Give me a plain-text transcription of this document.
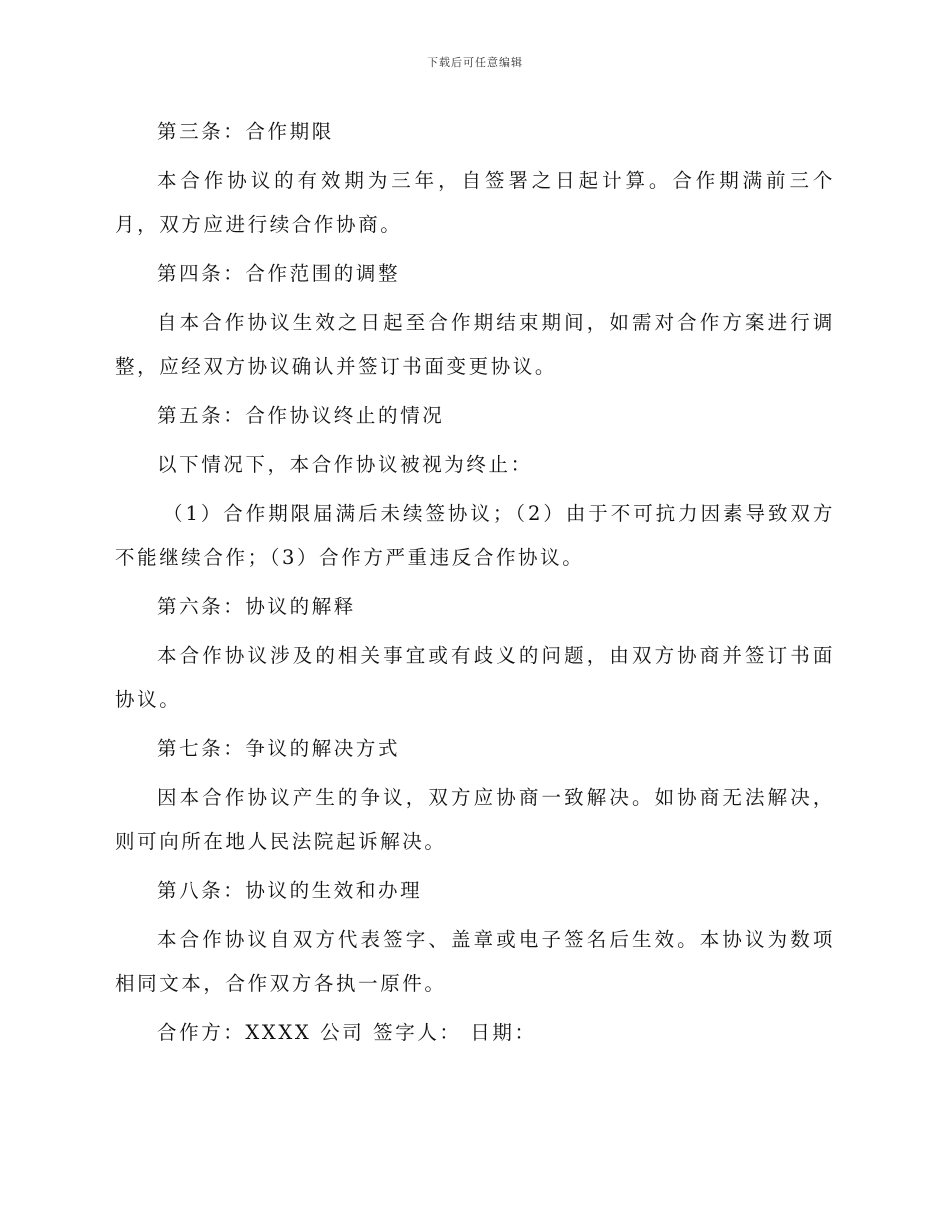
下载后可任意编辑

第三条：合作期限

本合作协议的有效期为三年，自签署之日起计算。合作期满前三个月，双方应进行续合作协商。

第四条：合作范围的调整

自本合作协议生效之日起至合作期结束期间，如需对合作方案进行调整，应经双方协议确认并签订书面变更协议。

第五条：合作协议终止的情况

以下情况下，本合作协议被视为终止：

（1）合作期限届满后未续签协议；（2）由于不可抗力因素导致双方不能继续合作；（3）合作方严重违反合作协议。

第六条：协议的解释

本合作协议涉及的相关事宜或有歧义的问题，由双方协商并签订书面协议。

第七条：争议的解决方式

因本合作协议产生的争议，双方应协商一致解决。如协商无法解决，则可向所在地人民法院起诉解决。

第八条：协议的生效和办理

本合作协议自双方代表签字、盖章或电子签名后生效。本协议为数项相同文本，合作双方各执一原件。

合作方：XXXX 公司 签字人： 日期：
